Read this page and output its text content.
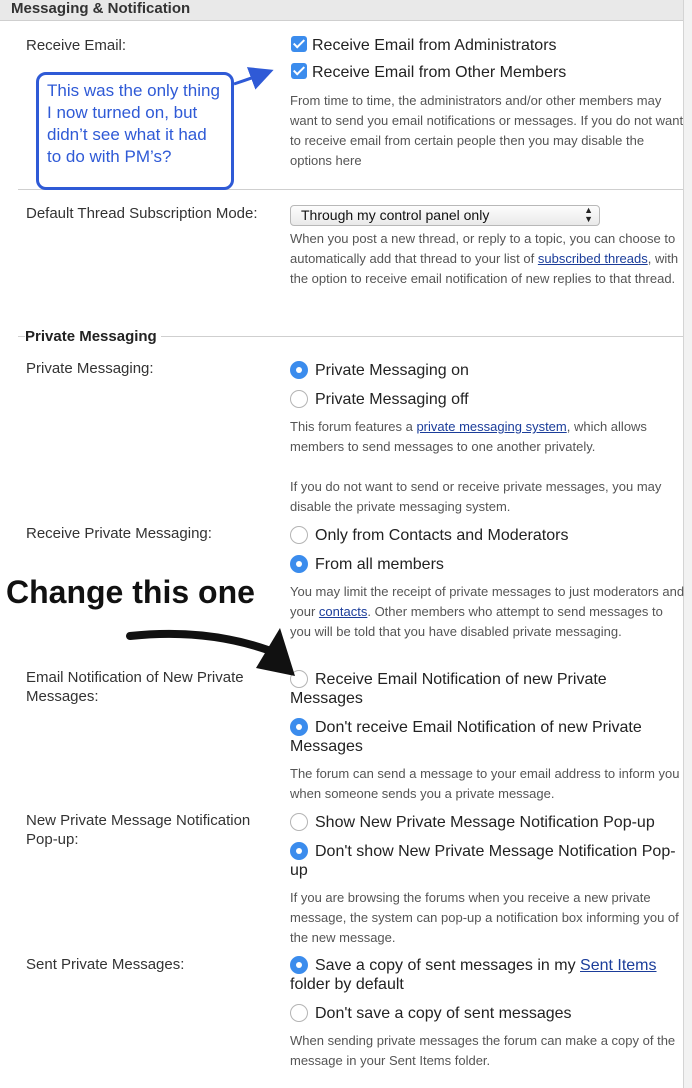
Messaging & Notification
Receive Email:	Receive Email from Administrators
Receive Email from Other Members
From time to time, the administrators and/or other members may want to send you email notifications or messages. If you do not want to receive email from certain people then you may disable the options here
Default Thread Subscription Mode:	Through my control panel only	▲
▼
When you post a new thread, or reply to a topic, you can choose to automatically add that thread to your list of subscribed threads, with the option to receive email notification of new replies to that thread.
Private Messaging
Private Messaging:	Private Messaging on
Private Messaging off
This forum features a private messaging system, which allows members to send messages to one another privately.
If you do not want to send or receive private messages, you may disable the private messaging system.
Receive Private Messaging:	Only from Contacts and Moderators
From all members
You may limit the receipt of private messages to just moderators and your contacts. Other members who attempt to send messages to you will be told that you have disabled private messaging.
Email Notification of New Private Messages:
Receive Email Notification of new Private Messages
Don't receive Email Notification of new Private Messages
The forum can send a message to your email address to inform you when someone sends you a private message.
New Private Message Notification Pop-up:
Show New Private Message Notification Pop-up
Don't show New Private Message Notification Pop-up
If you are browsing the forums when you receive a new private message, the system can pop-up a notification box informing you of the new message.
Sent Private Messages:	Save a copy of sent messages in my Sent Items folder by default
Don't save a copy of sent messages
When sending private messages the forum can make a copy of the message in your Sent Items folder.
This was the only thing I now turned on, but didn’t see what it had to do with PM’s?
Change this one
